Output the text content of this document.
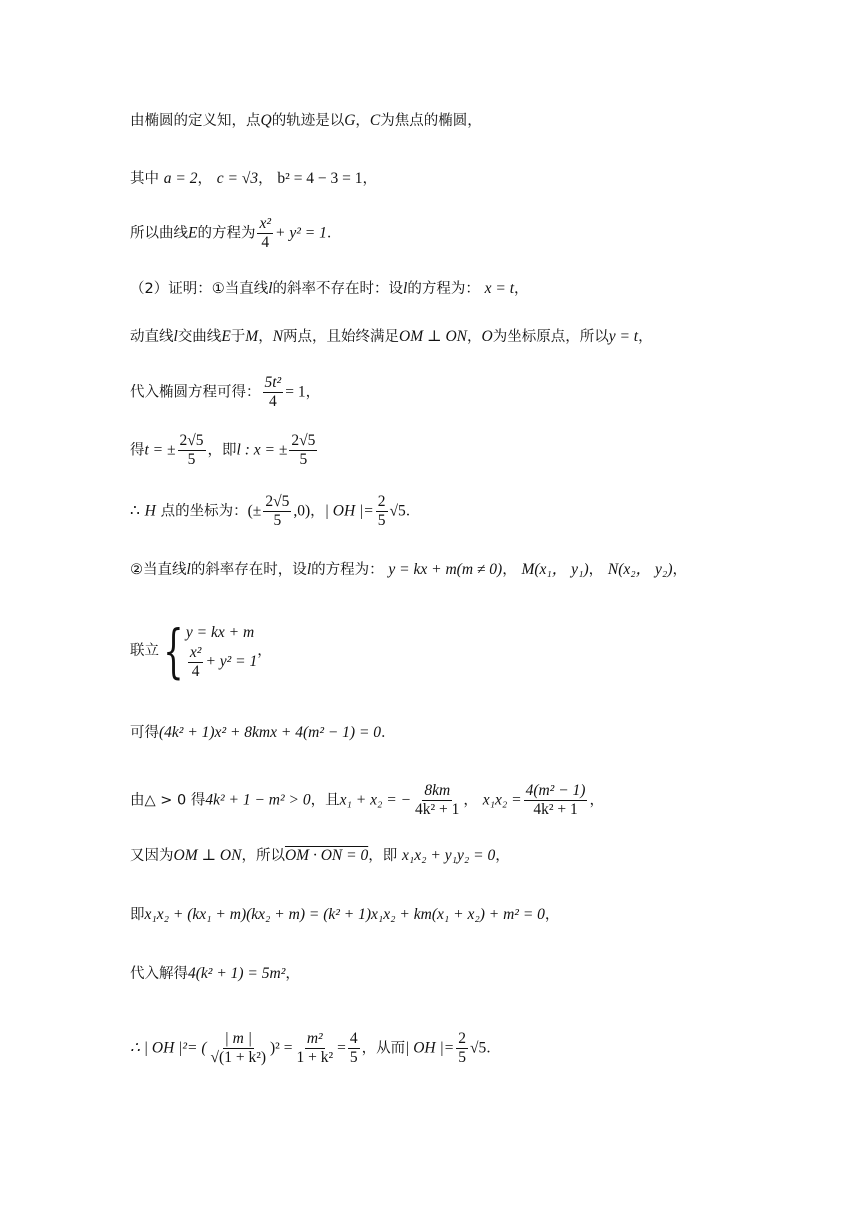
由椭圆的定义知，点Q的轨迹是以G，C为焦点的椭圆，
其中 a = 2， c = √3， b² = 4 − 3 = 1，
所以曲线E的方程为 $\frac{\text{x²}}{4} + y^2 = 1$．
（2）证明：①当直线l的斜率不存在时：设l的方程为： x = t，
动直线l交曲线E于M，N两点，且始终满足OM ⊥ ON，O为坐标原点，所以y = t，
代入椭圆方程可得： $\frac{\text{5t²}}{4} = 1$，
得t = ± $\frac{2√5}{5}$ ，即l : x = ± $\frac{2√5}{5}$
∴ H 点的坐标为：(± $\frac{2√5}{5} ,0$)，| OH |= $\frac{2}{5} √5$．
②当直线l的斜率存在时，设l的方程为： y = kx + m(m ≠ 0)， M(x₁， y₁)， N(x₂， y₂)，
联立{ y = kx + m
$\frac{\text{x²}}{4} + y^2 = 1$
，
可得(4k² + 1)x² + 8kmx + 4(m² − 1) = 0．
由△ > 0 得4k² + 1 − m² > 0，且x₁ + x₂ = − $\frac{8km}{\text{4k² + 1}}$ ， $x_1x_2 = \frac{\text{4(m² − 1)}}{\text{4k² + 1}}$ ，
又因为OM ⊥ ON，所以OM · ON = 0，即 x₁x₂ + y₁y₂ = 0，
即x₁x₂ + (kx₁ + m)(kx₂ + m) = (k² + 1)x₁x₂ + km(x₁ + x₂) + m² = 0，
代入解得4(k² + 1) = 5m²，
∴ | OH |²= ( $\frac{| m |}{\text{√(1 + k²)}} )^2 = \frac{\text{m²}}{\text{1 + k²}} = \frac{4}{5}$ ，从而| OH |= $\frac{2}{5} √5$．
